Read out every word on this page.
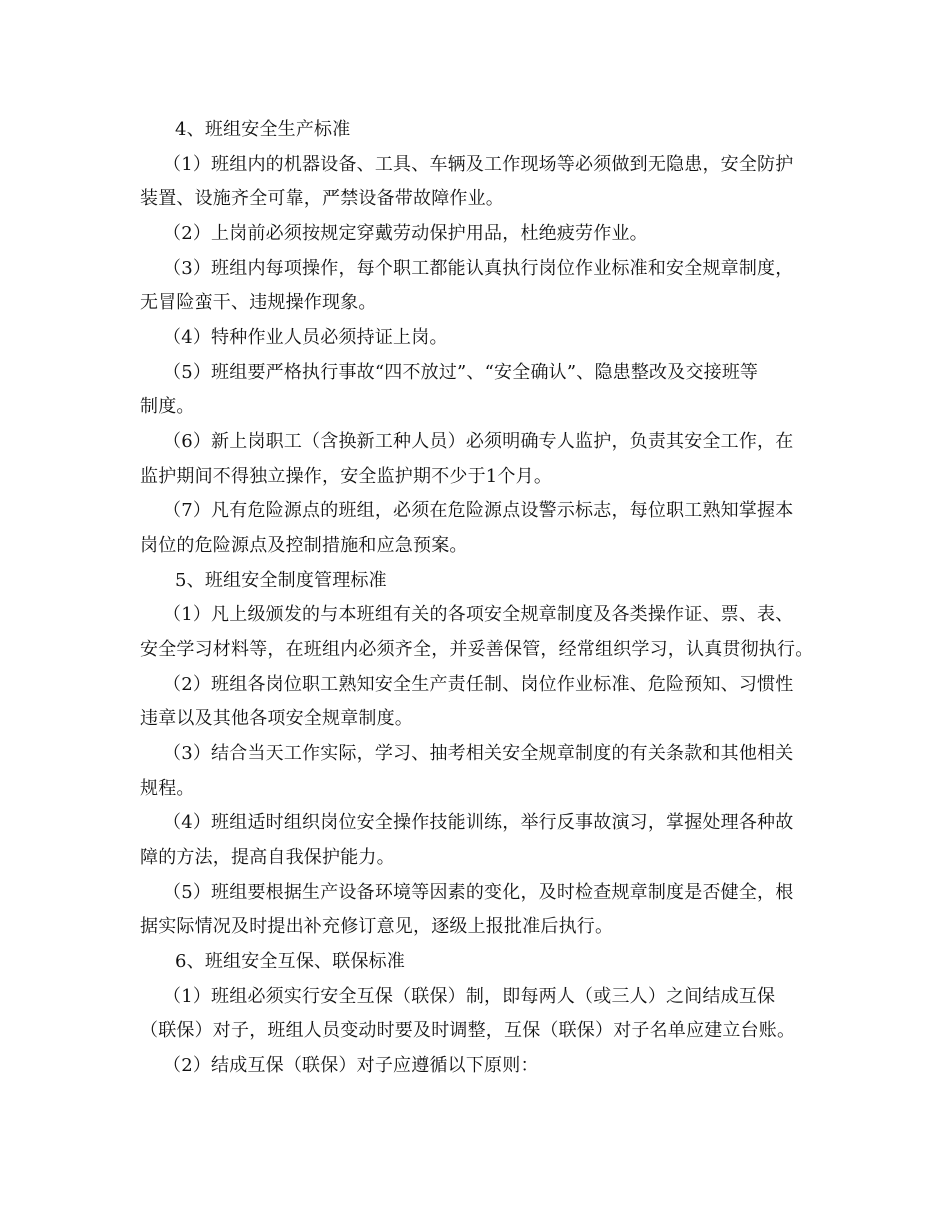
4、班组安全生产标准
（1）班组内的机器设备、工具、车辆及工作现场等必须做到无隐患，安全防护
装置、设施齐全可靠，严禁设备带故障作业。
（2）上岗前必须按规定穿戴劳动保护用品，杜绝疲劳作业。
（3）班组内每项操作，每个职工都能认真执行岗位作业标准和安全规章制度，
无冒险蛮干、违规操作现象。
（4）特种作业人员必须持证上岗。
（5）班组要严格执行事故“四不放过”、“安全确认”、隐患整改及交接班等
制度。
（6）新上岗职工（含换新工种人员）必须明确专人监护，负责其安全工作，在
监护期间不得独立操作，安全监护期不少于1个月。
（7）凡有危险源点的班组，必须在危险源点设警示标志，每位职工熟知掌握本
岗位的危险源点及控制措施和应急预案。
5、班组安全制度管理标准
（1）凡上级颁发的与本班组有关的各项安全规章制度及各类操作证、票、表、
安全学习材料等，在班组内必须齐全，并妥善保管，经常组织学习，认真贯彻执行。
（2）班组各岗位职工熟知安全生产责任制、岗位作业标准、危险预知、习惯性
违章以及其他各项安全规章制度。
（3）结合当天工作实际，学习、抽考相关安全规章制度的有关条款和其他相关
规程。
（4）班组适时组织岗位安全操作技能训练，举行反事故演习，掌握处理各种故
障的方法，提高自我保护能力。
（5）班组要根据生产设备环境等因素的变化，及时检查规章制度是否健全，根
据实际情况及时提出补充修订意见，逐级上报批准后执行。
6、班组安全互保、联保标准
（1）班组必须实行安全互保（联保）制，即每两人（或三人）之间结成互保
（联保）对子，班组人员变动时要及时调整，互保（联保）对子名单应建立台账。
（2）结成互保（联保）对子应遵循以下原则：
